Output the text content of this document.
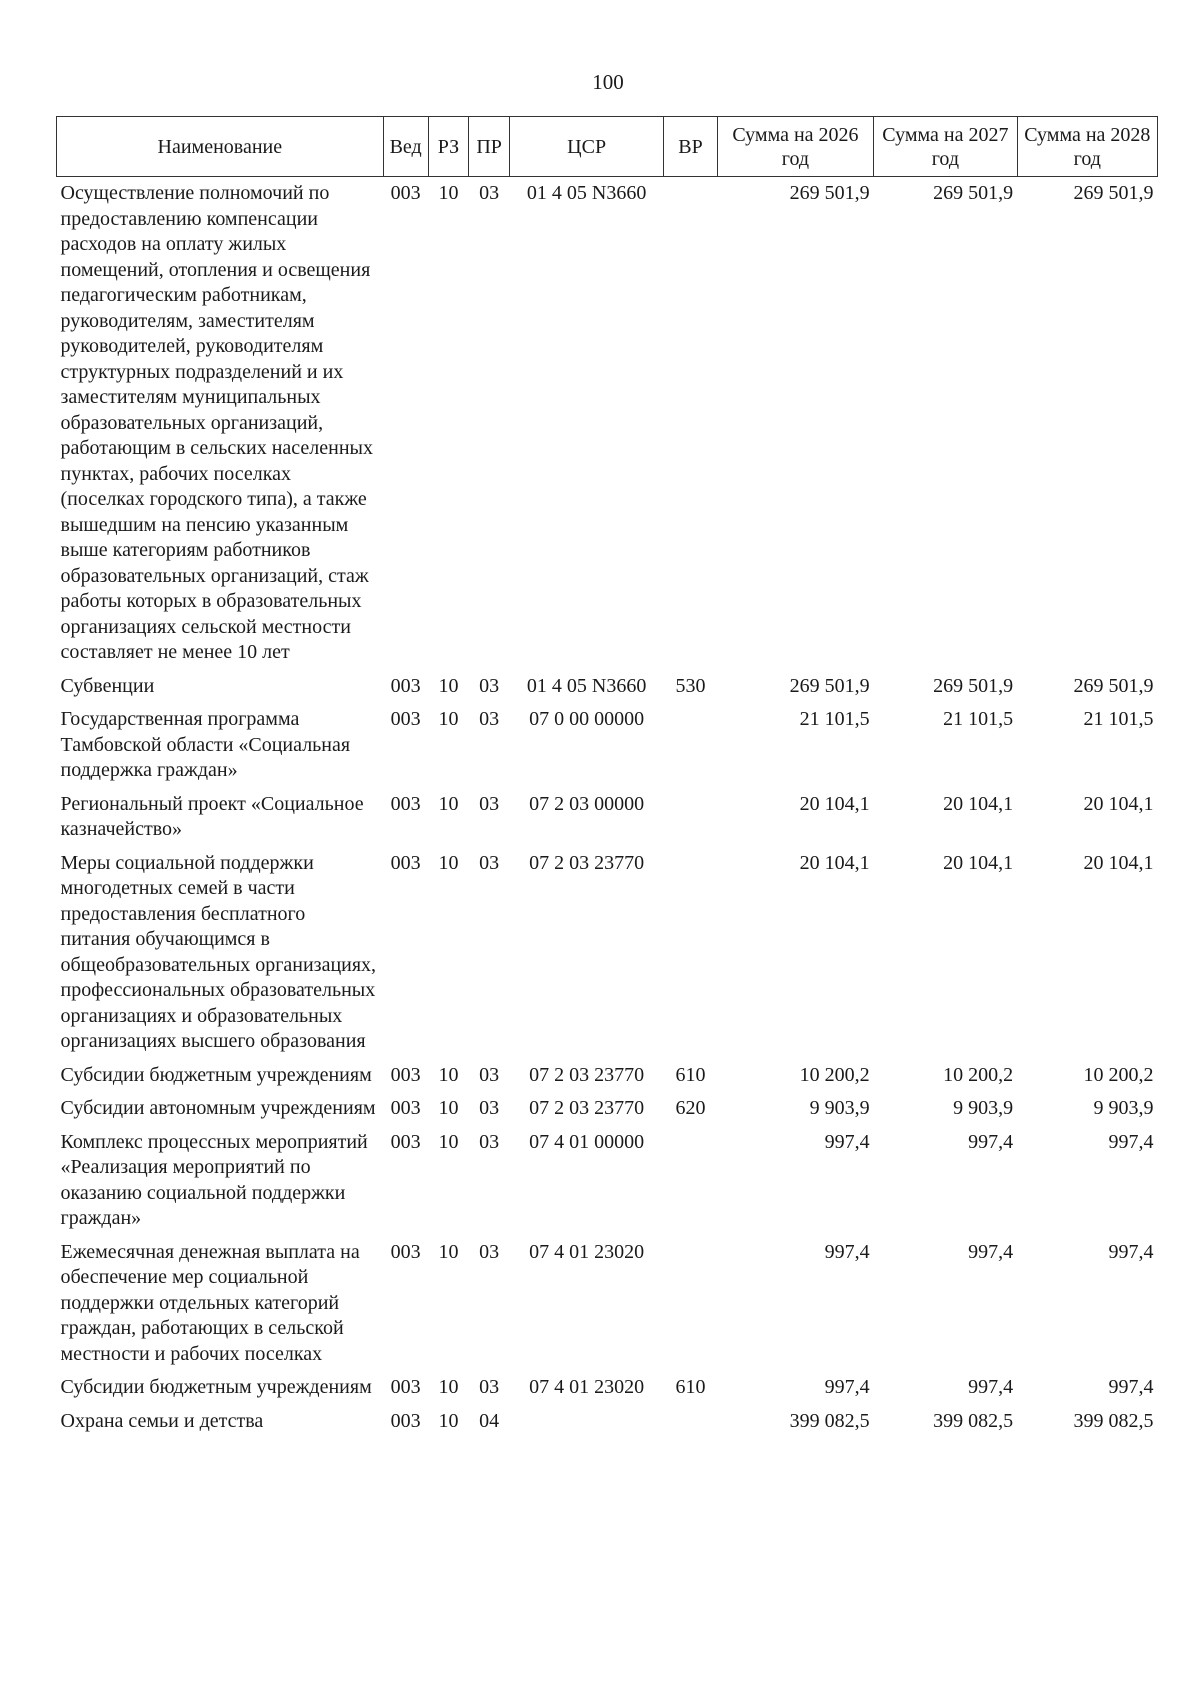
100
Наименование	Вед	РЗ	ПР	ЦСР	ВР	Сумма на 2026 год	Сумма на 2027 год	Сумма на 2028 год
Осуществление полномочий по предоставлению компенсации расходов на оплату жилых помещений, отопления и освещения педагогическим работникам, руководителям, заместителям руководителей, руководителям структурных подразделений и их заместителям муниципальных образовательных организаций, работающим в сельских населенных пунктах, рабочих поселках (поселках городского типа), а также вышедшим на пенсию указанным выше категориям работников образовательных организаций, стаж работы которых в образовательных организациях сельской местности составляет не менее 10 лет	003	10	03	01 4 05 N3660		269 501,9	269 501,9	269 501,9
Субвенции	003	10	03	01 4 05 N3660	530	269 501,9	269 501,9	269 501,9
Государственная программа Тамбовской области «Социальная поддержка граждан»	003	10	03	07 0 00 00000		21 101,5	21 101,5	21 101,5
Региональный проект «Социальное казначейство»	003	10	03	07 2 03 00000		20 104,1	20 104,1	20 104,1
Меры социальной поддержки многодетных семей в части предоставления бесплатного питания обучающимся в общеобразовательных организациях, профессиональных образовательных организациях и образовательных организациях высшего образования	003	10	03	07 2 03 23770		20 104,1	20 104,1	20 104,1
Субсидии бюджетным учреждениям	003	10	03	07 2 03 23770	610	10 200,2	10 200,2	10 200,2
Субсидии автономным учреждениям	003	10	03	07 2 03 23770	620	9 903,9	9 903,9	9 903,9
Комплекс процессных мероприятий «Реализация мероприятий по оказанию социальной поддержки граждан»	003	10	03	07 4 01 00000		997,4	997,4	997,4
Ежемесячная денежная выплата на обеспечение мер социальной поддержки отдельных категорий граждан, работающих в сельской местности и рабочих поселках	003	10	03	07 4 01 23020		997,4	997,4	997,4
Субсидии бюджетным учреждениям	003	10	03	07 4 01 23020	610	997,4	997,4	997,4
Охрана семьи и детства	003	10	04			399 082,5	399 082,5	399 082,5
